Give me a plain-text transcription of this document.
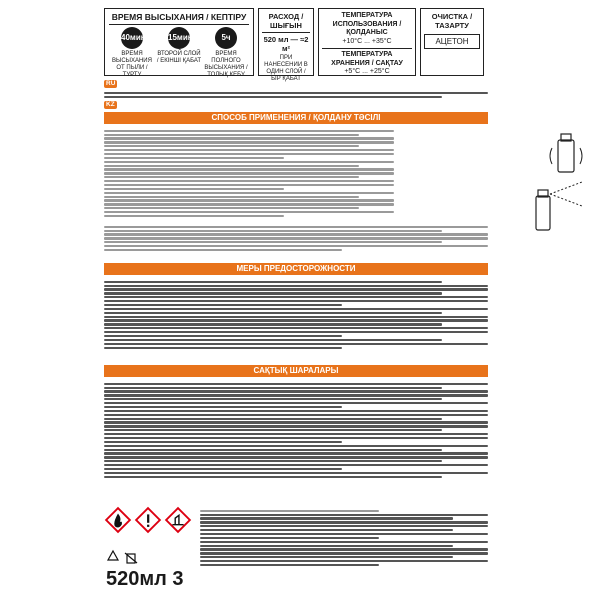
ВРЕМЯ ВЫСЫХАНИЯ / КЕПТІРУ
40мин
ВРЕМЯ ВЫСЫХАНИЯ ОТ ПЫЛИ / ТУРТУ
15мин
ВТОРОЙ СЛОЙ / ЕКІНШІ ҚАБАТ
5ч
ВРЕМЯ ПОЛНОГО ВЫСЫХАНИЯ / ТОЛЫҚ КЕБУ
РАСХОД / ШЫҒЫН
520 мл — ≈2 м²
ПРИ НАНЕСЕНИИ В ОДИН СЛОЙ / БІР ҚАБАТ
ТЕМПЕРАТУРА ИСПОЛЬЗОВАНИЯ / ҚОЛДАНЫС
+10°C ... +35°C
ТЕМПЕРАТУРА ХРАНЕНИЯ / САҚТАУ
+5°C ... +25°C
ОЧИСТКА / ТАЗАРТУ
АЦЕТОН
RU
KZ
СПОСОБ ПРИМЕНЕНИЯ / ҚОЛДАНУ ТӘСІЛІ
МЕРЫ ПРЕДОСТОРОЖНОСТИ
САҚТЫҚ ШАРАЛАРЫ
520мл 3
